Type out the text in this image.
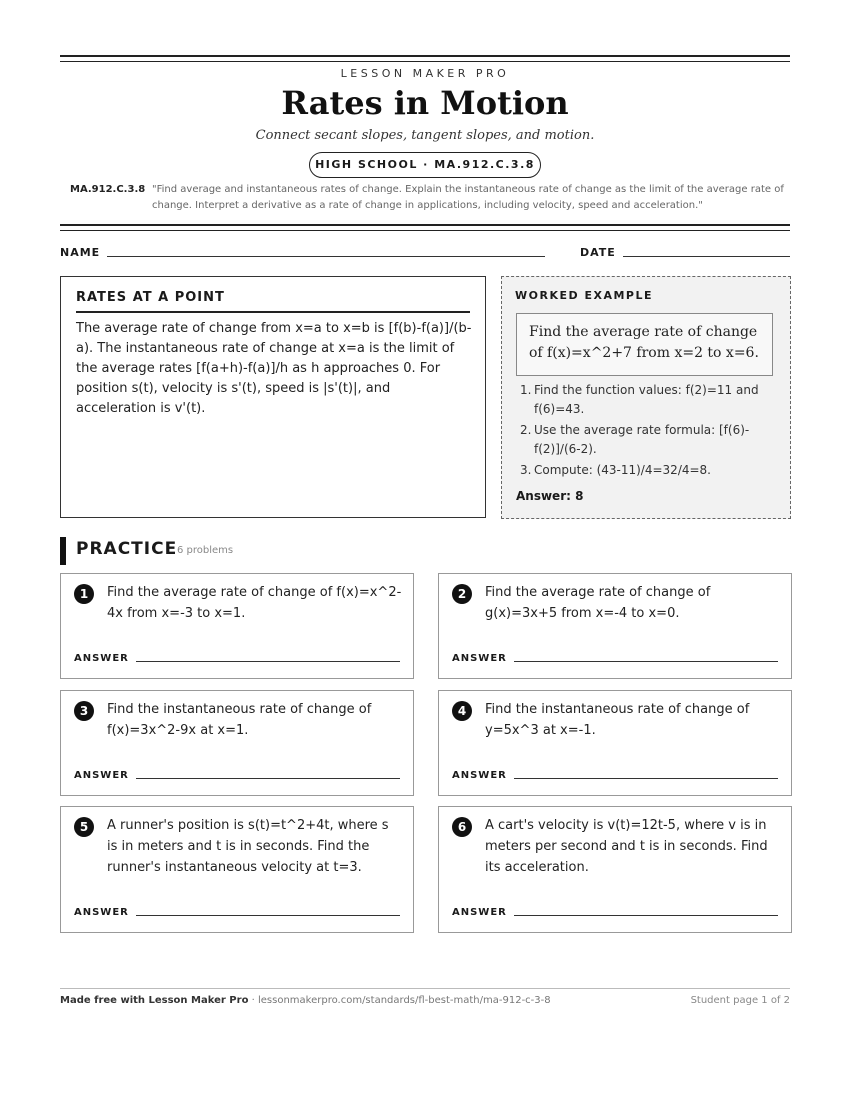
LESSON MAKER PRO
Rates in Motion
Connect secant slopes, tangent slopes, and motion.
HIGH SCHOOL · MA.912.C.3.8
MA.912.C.3.8 "Find average and instantaneous rates of change. Explain the instantaneous rate of change as the limit of the average rate of change. Interpret a derivative as a rate of change in applications, including velocity, speed and acceleration."
NAME	DATE
RATES AT A POINT
The average rate of change from x=a to x=b is [f(b)-f(a)]/(b-a). The instantaneous rate of change at x=a is the limit of the average rates [f(a+h)-f(a)]/h as h approaches 0. For position s(t), velocity is s'(t), speed is |s'(t)|, and acceleration is v'(t).
WORKED EXAMPLE
Find the average rate of change of f(x)=x^2+7 from x=2 to x=6.
1. Find the function values: f(2)=11 and f(6)=43.
2. Use the average rate formula: [f(6)-f(2)]/(6-2).
3. Compute: (43-11)/4=32/4=8.
Answer: 8
PRACTICE 6 problems
1	Find the average rate of change of f(x)=x^2-4x from x=-3 to x=1.
ANSWER
2	Find the average rate of change of g(x)=3x+5 from x=-4 to x=0.
ANSWER
3	Find the instantaneous rate of change of f(x)=3x^2-9x at x=1.
ANSWER
4	Find the instantaneous rate of change of y=5x^3 at x=-1.
ANSWER
5	A runner's position is s(t)=t^2+4t, where s is in meters and t is in seconds. Find the runner's instantaneous velocity at t=3.
ANSWER
6	A cart's velocity is v(t)=12t-5, where v is in meters per second and t is in seconds. Find its acceleration.
ANSWER
Made free with Lesson Maker Pro · lessonmakerpro.com/standards/fl-best-math/ma-912-c-3-8	Student page 1 of 2
